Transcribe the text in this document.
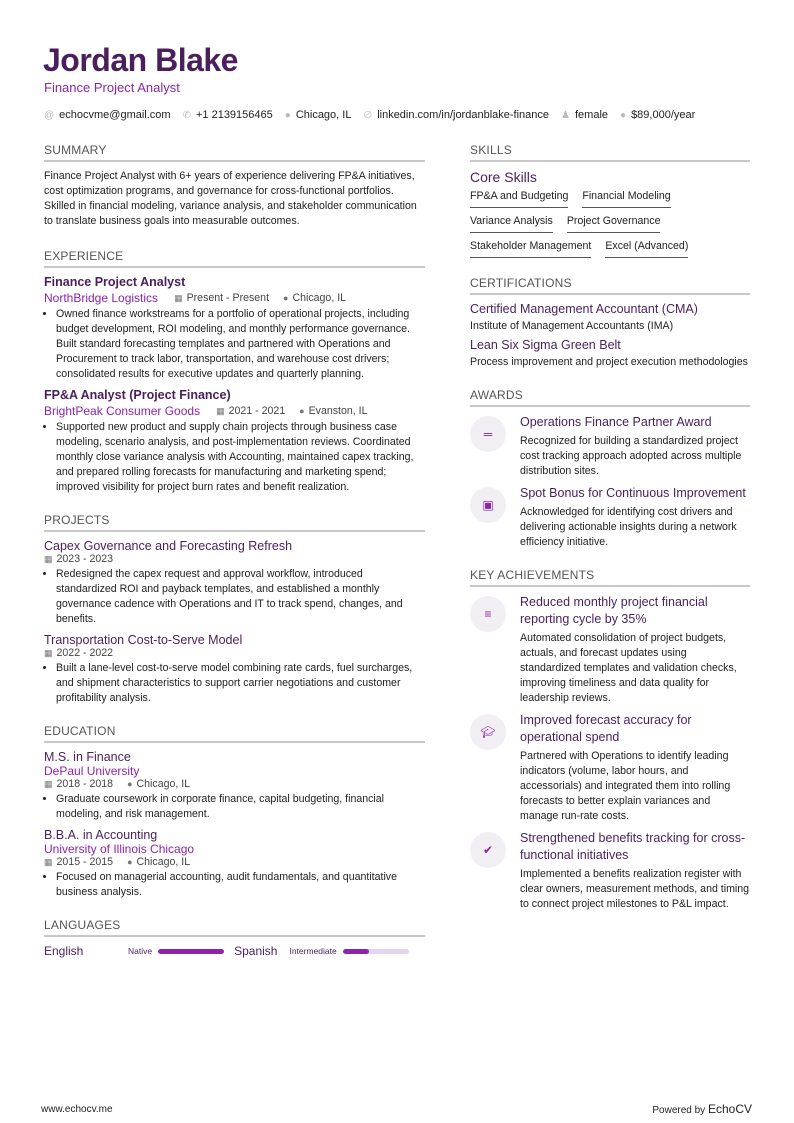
Jordan Blake
Finance Project Analyst
@ echocvme@gmail.com ✆ +1 2139156465 ● Chicago, IL ∅ linkedin.com/in/jordanblake-finance ♟ female ● $89,000/year
SUMMARY
Finance Project Analyst with 6+ years of experience delivering FP&A initiatives, cost optimization programs, and governance for cross-functional portfolios. Skilled in financial modeling, variance analysis, and stakeholder communication to translate business goals into measurable outcomes.
EXPERIENCE
Finance Project Analyst
NorthBridge Logistics ▦ Present - Present ● Chicago, IL
• Owned finance workstreams for a portfolio of operational projects, including budget development, ROI modeling, and monthly performance governance. Built standard forecasting templates and partnered with Operations and Procurement to track labor, transportation, and warehouse cost drivers; consolidated results for executive updates and quarterly planning.
FP&A Analyst (Project Finance)
BrightPeak Consumer Goods ▦ 2021 - 2021 ● Evanston, IL
• Supported new product and supply chain projects through business case modeling, scenario analysis, and post-implementation reviews. Coordinated monthly close variance analysis with Accounting, maintained capex tracking, and prepared rolling forecasts for manufacturing and marketing spend; improved visibility for project burn rates and benefit realization.
PROJECTS
Capex Governance and Forecasting Refresh
▦ 2023 - 2023
• Redesigned the capex request and approval workflow, introduced standardized ROI and payback templates, and established a monthly governance cadence with Operations and IT to track spend, changes, and benefits.
Transportation Cost-to-Serve Model
▦ 2022 - 2022
• Built a lane-level cost-to-serve model combining rate cards, fuel surcharges, and shipment characteristics to support carrier negotiations and customer profitability analysis.
EDUCATION
M.S. in Finance
DePaul University
▦ 2018 - 2018 ● Chicago, IL
• Graduate coursework in corporate finance, capital budgeting, financial modeling, and risk management.
B.B.A. in Accounting
University of Illinois Chicago
▦ 2015 - 2015 ● Chicago, IL
• Focused on managerial accounting, audit fundamentals, and quantitative business analysis.
LANGUAGES
English	Native	Spanish Intermediate
SKILLS
Core Skills
FP&A and Budgeting Financial Modeling
Variance Analysis Project Governance
Stakeholder Management Excel (Advanced)
CERTIFICATIONS
Certified Management Accountant (CMA)
Institute of Management Accountants (IMA)
Lean Six Sigma Green Belt
Process improvement and project execution methodologies
AWARDS
═
Operations Finance Partner Award
Recognized for building a standardized project cost tracking approach adopted across multiple distribution sites.
▣
Spot Bonus for Continuous Improvement
Acknowledged for identifying cost drivers and delivering actionable insights during a network efficiency initiative.
KEY ACHIEVEMENTS
≡
Reduced monthly project financial reporting cycle by 35%
Automated consolidation of project budgets, actuals, and forecast updates using standardized templates and validation checks, improving timeliness and data quality for leadership reviews.
🎓︎
Improved forecast accuracy for operational spend
Partnered with Operations to identify leading indicators (volume, labor hours, and accessorials) and integrated them into rolling forecasts to better explain variances and manage run-rate costs.
✔
Strengthened benefits tracking for cross-functional initiatives
Implemented a benefits realization register with clear owners, measurement methods, and timing to connect project milestones to P&L impact.
www.echocv.me	Powered by EchoCV
